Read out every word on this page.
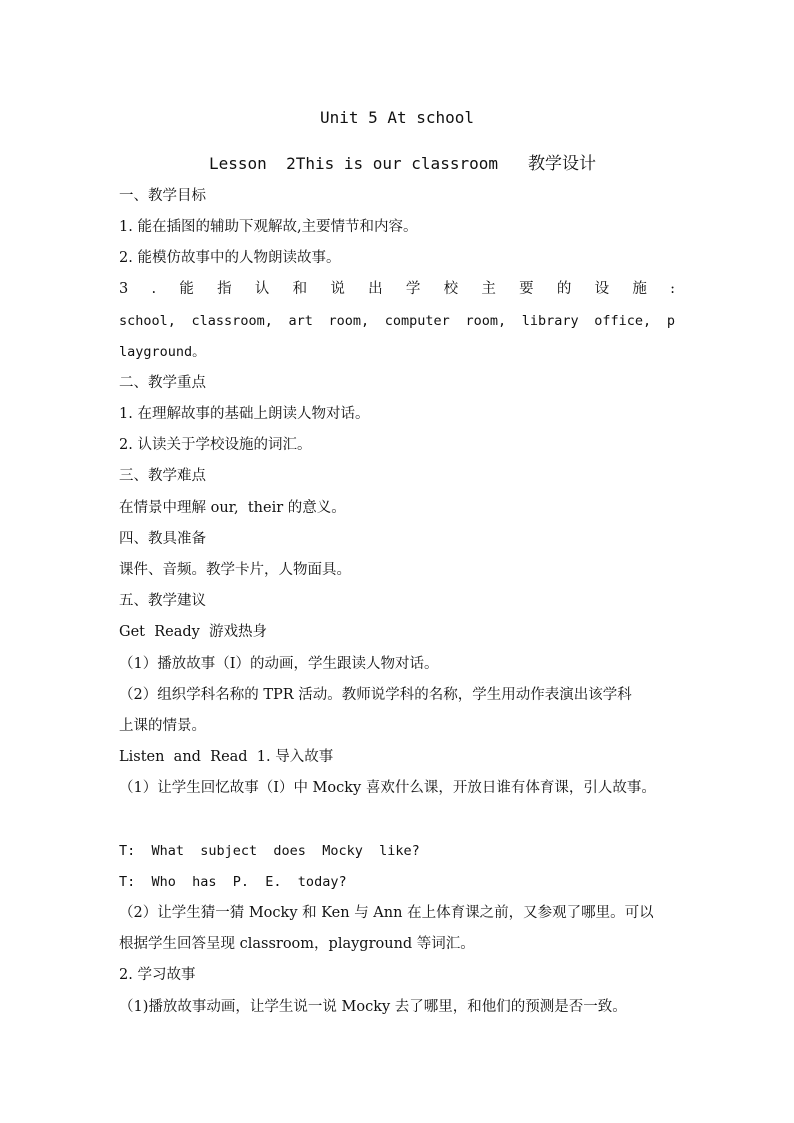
Unit 5 At school
Lesson  2This is our classroom 教学设计
一、教学目标
1. 能在插图的辅助下观解故,主要情节和内容。
2. 能模仿故事中的人物朗读故事。
3 . 能 指 认 和 说 出 学 校 主 要 的 设 施 :
school, classroom, art room, computer room, library office, p
layground。
二、教学重点
1. 在理解故事的基础上朗读人物对话。
2. 认读关于学校设施的词汇。
三、教学难点
在情景中理解 our,  their 的意义。
四、教具准备
课件、音频。教学卡片，人物面具。
五、教学建议
Get  Ready  游戏热身
（1）播放故事（I）的动画，学生跟读人物对话。
（2）组织学科名称的 TPR 活动。教师说学科的名称，学生用动作表演出该学科
上课的情景。
Listen  and  Read  1. 导入故事
（1）让学生回忆故事（I）中 Mocky 喜欢什么课，开放日谁有体育课，引人故事。
T:  What  subject  does  Mocky  like?
T:  Who  has  P.  E.  today?
（2）让学生猜一猜 Mocky 和 Ken 与 Ann 在上体育课之前，又参观了哪里。可以
根据学生回答呈现 classroom，playground 等词汇。
2. 学习故事
（1)播放故事动画，让学生说一说 Mocky 去了哪里，和他们的预测是否一致。
